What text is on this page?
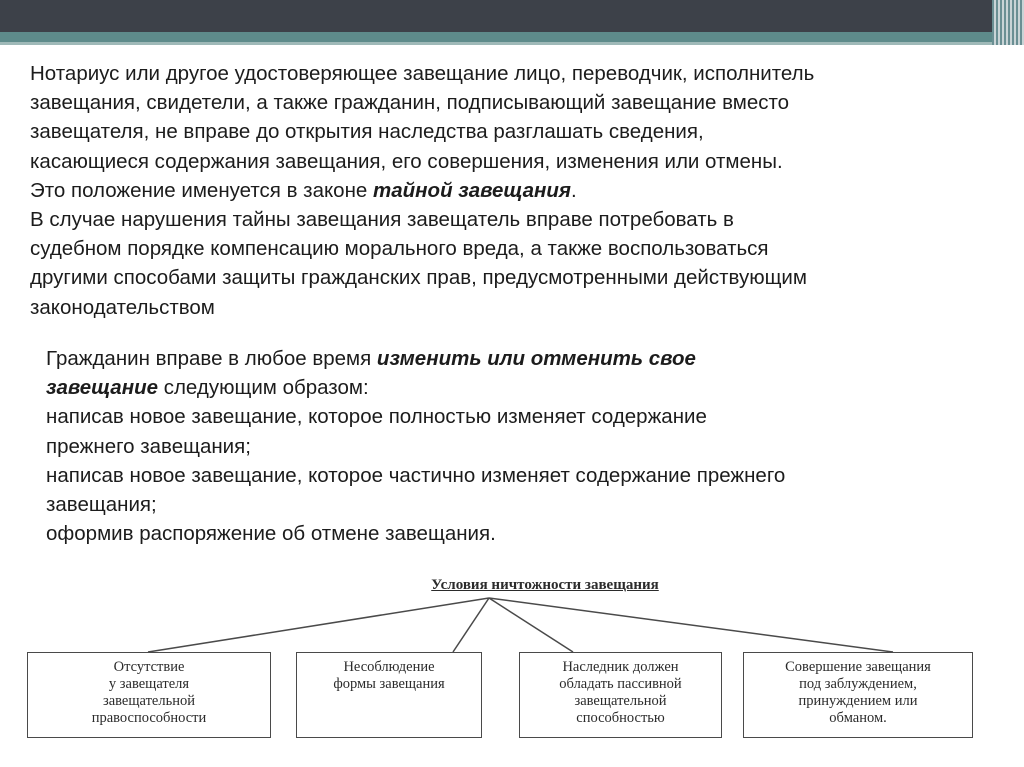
Нотариус или другое удостоверяющее завещание лицо, переводчик, исполнитель
завещания, свидетели, а также гражданин, подписывающий завещание вместо
завещателя, не вправе до открытия наследства разглашать сведения,
касающиеся содержания завещания, его совершения, изменения или отмены.
Это положение именуется в законе тайной завещания.
В случае нарушения тайны завещания завещатель вправе потребовать в
судебном порядке компенсацию морального вреда, а также воспользоваться
другими способами защиты гражданских прав, предусмотренными действующим
законодательством
Гражданин вправе в любое время изменить или отменить свое
завещание следующим образом:
написав новое завещание, которое полностью изменяет содержание
прежнего завещания;
написав новое завещание, которое частично изменяет содержание прежнего
завещания;
оформив распоряжение об отмене завещания.
Условия ничтожности завещания
Отсутствие
у завещателя
завещательной
правоспособности
Несоблюдение
формы завещания
Наследник должен
обладать пассивной
завещательной
способностью
Совершение завещания
под заблуждением,
принуждением или
обманом.
